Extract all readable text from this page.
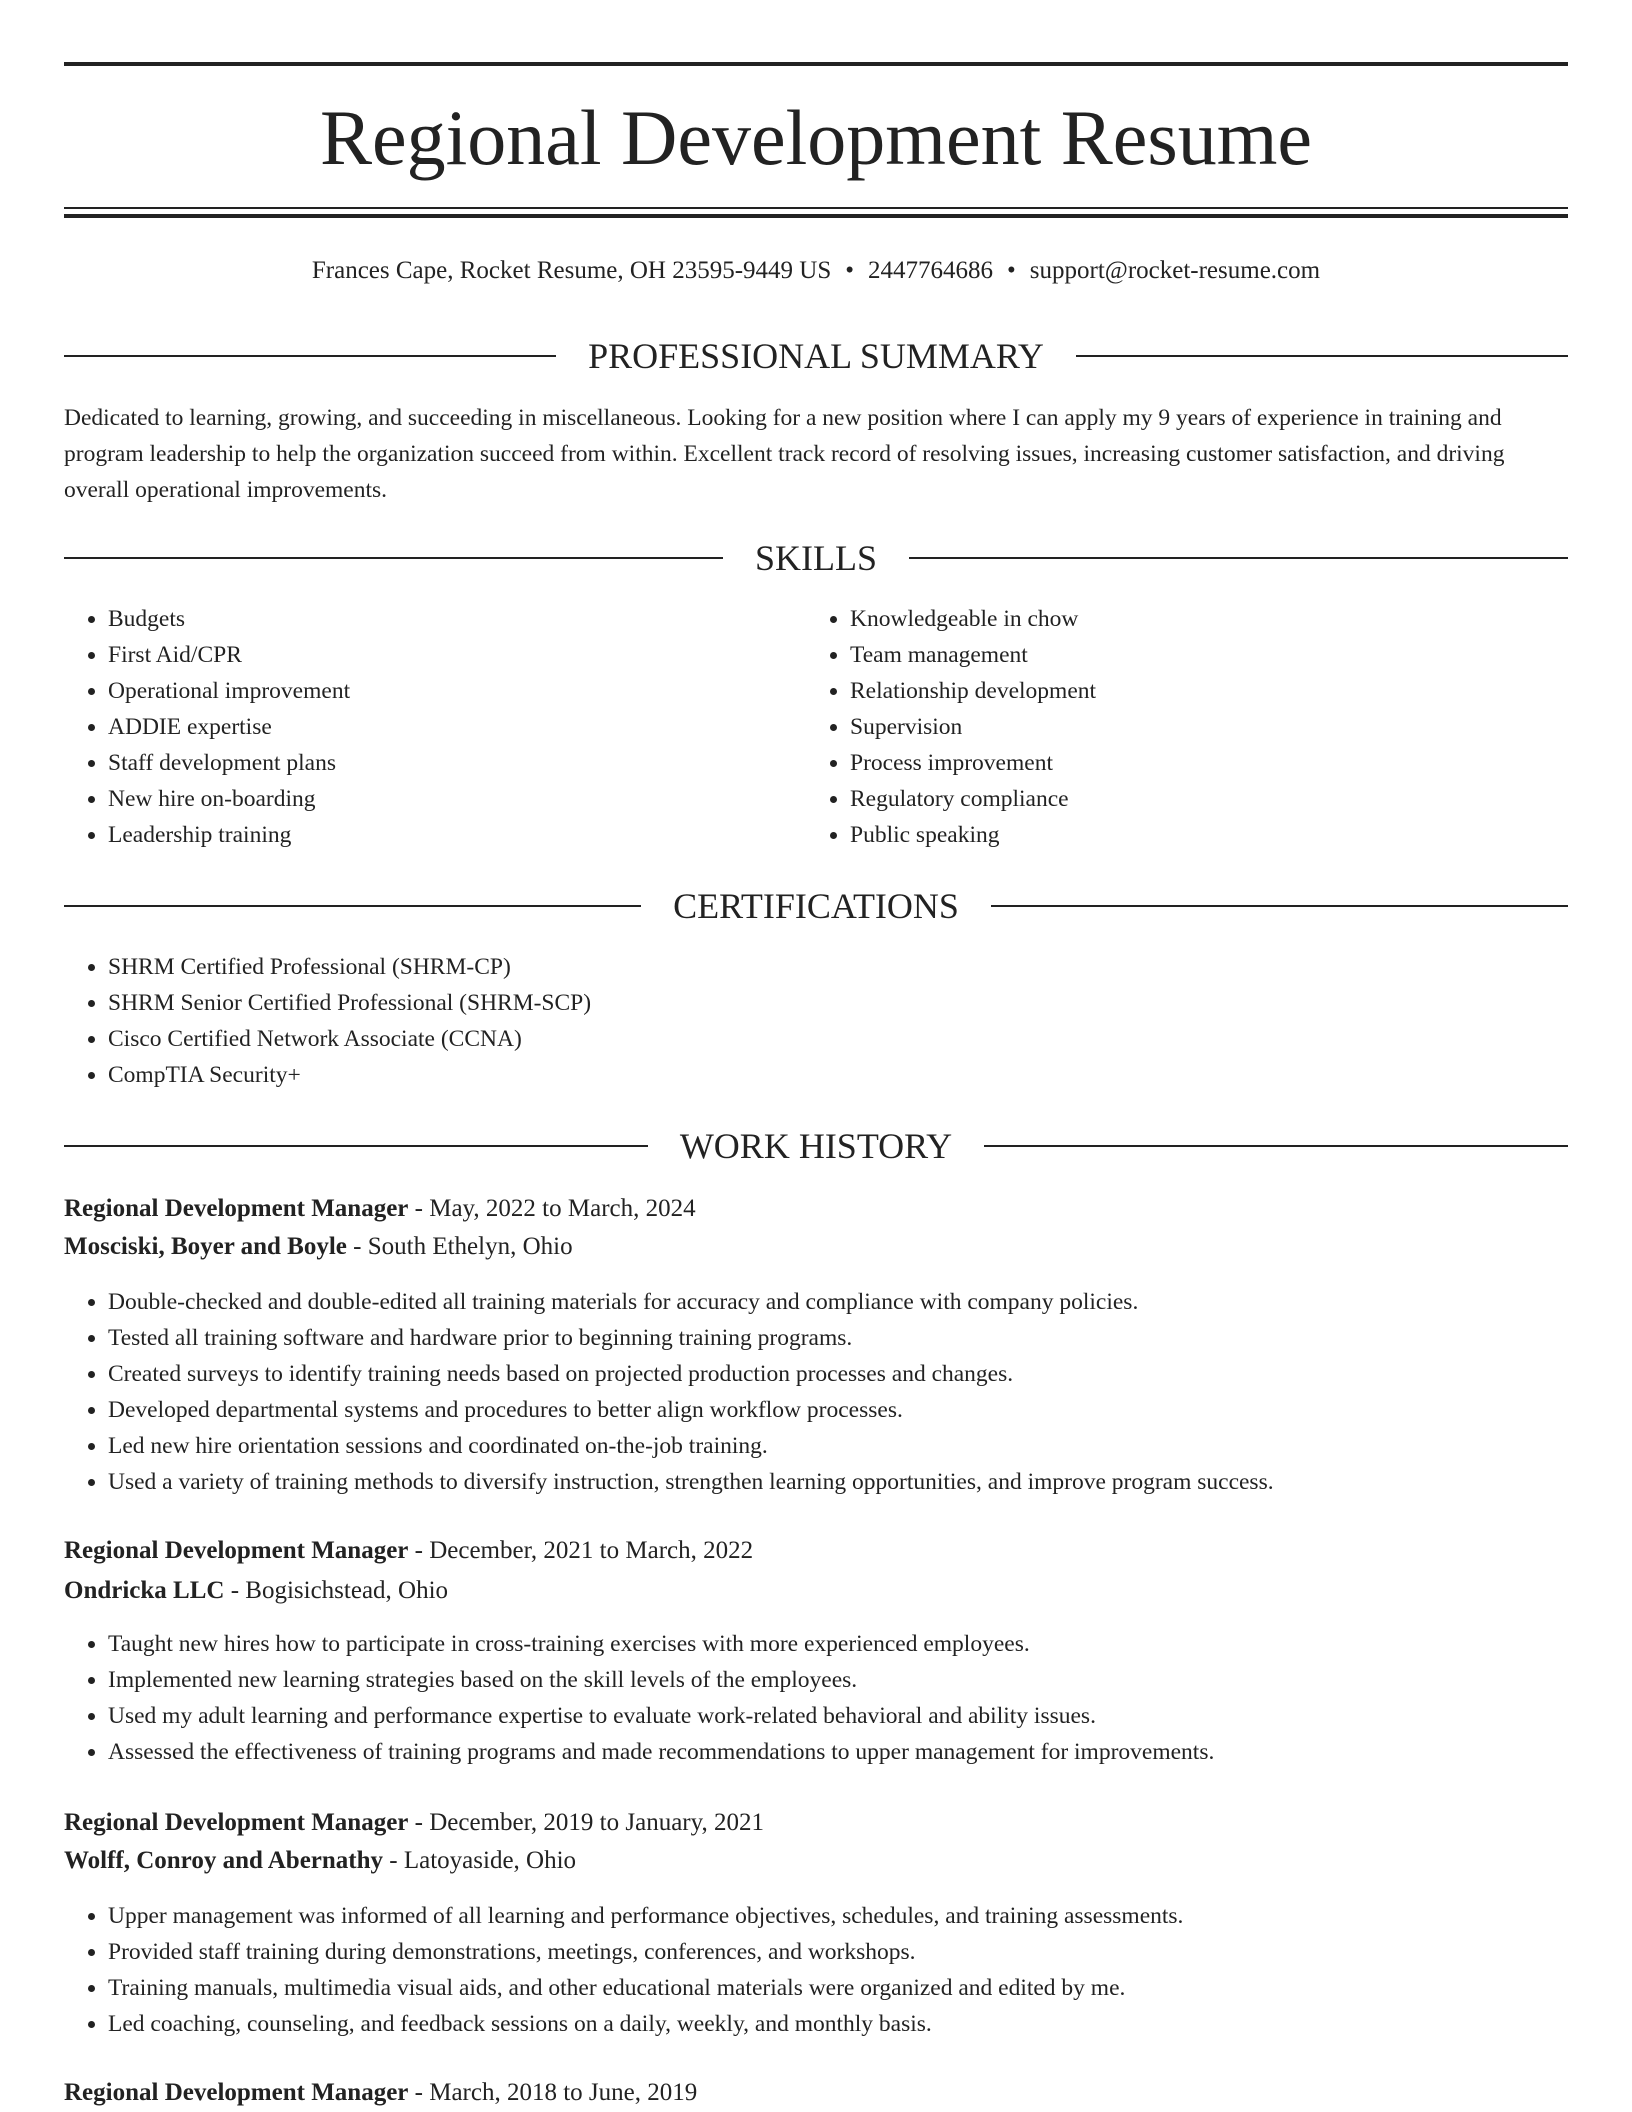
Regional Development Resume
Frances Cape, Rocket Resume, OH 23595-9449 US • 2447764686 • support@rocket-resume.com
PROFESSIONAL SUMMARY

Dedicated to learning, growing, and succeeding in miscellaneous. Looking for a new position where I can apply my 9 years of experience in training and program leadership to help the organization succeed from within. Excellent track record of resolving issues, increasing customer satisfaction, and driving overall operational improvements.

SKILLS
• Budgets
• First Aid/CPR
• Operational improvement
• ADDIE expertise
• Staff development plans
• New hire on-boarding
• Leadership training
• Knowledgeable in chow
• Team management
• Relationship development
• Supervision
• Process improvement
• Regulatory compliance
• Public speaking
CERTIFICATIONS
• SHRM Certified Professional (SHRM-CP)
• SHRM Senior Certified Professional (SHRM-SCP)
• Cisco Certified Network Associate (CCNA)
• CompTIA Security+
WORK HISTORY
Regional Development Manager - May, 2022 to March, 2024
Mosciski, Boyer and Boyle - South Ethelyn, Ohio
• Double-checked and double-edited all training materials for accuracy and compliance with company policies.
• Tested all training software and hardware prior to beginning training programs.
• Created surveys to identify training needs based on projected production processes and changes.
• Developed departmental systems and procedures to better align workflow processes.
• Led new hire orientation sessions and coordinated on-the-job training.
• Used a variety of training methods to diversify instruction, strengthen learning opportunities, and improve program success.
Regional Development Manager - December, 2021 to March, 2022
Ondricka LLC - Bogisichstead, Ohio
• Taught new hires how to participate in cross-training exercises with more experienced employees.
• Implemented new learning strategies based on the skill levels of the employees.
• Used my adult learning and performance expertise to evaluate work-related behavioral and ability issues.
• Assessed the effectiveness of training programs and made recommendations to upper management for improvements.
Regional Development Manager - December, 2019 to January, 2021
Wolff, Conroy and Abernathy - Latoyaside, Ohio
• Upper management was informed of all learning and performance objectives, schedules, and training assessments.
• Provided staff training during demonstrations, meetings, conferences, and workshops.
• Training manuals, multimedia visual aids, and other educational materials were organized and edited by me.
• Led coaching, counseling, and feedback sessions on a daily, weekly, and monthly basis.
Regional Development Manager - March, 2018 to June, 2019
